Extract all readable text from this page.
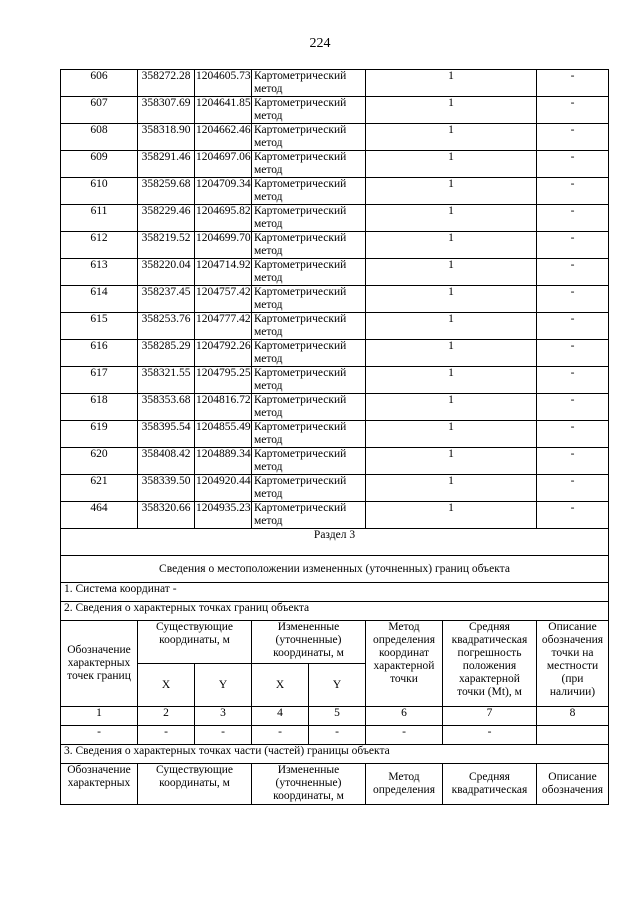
224
606	358272.28	1204605.73	Картометрический метод		1		-
607	358307.69	1204641.85	Картометрический метод		1		-
608	358318.90	1204662.46	Картометрический метод		1		-
609	358291.46	1204697.06	Картометрический метод		1		-
610	358259.68	1204709.34	Картометрический метод		1		-
611	358229.46	1204695.82	Картометрический метод		1		-
612	358219.52	1204699.70	Картометрический метод		1		-
613	358220.04	1204714.92	Картометрический метод		1		-
614	358237.45	1204757.42	Картометрический метод		1		-
615	358253.76	1204777.42	Картометрический метод		1		-
616	358285.29	1204792.26	Картометрический метод		1		-
617	358321.55	1204795.25	Картометрический метод		1		-
618	358353.68	1204816.72	Картометрический метод		1		-
619	358395.54	1204855.49	Картометрический метод		1		-
620	358408.42	1204889.34	Картометрический метод		1		-
621	358339.50	1204920.44	Картометрический метод		1		-
464	358320.66	1204935.23	Картометрический метод		1		-
Раздел 3							
Сведения о местоположении измененных (уточненных) границ объекта							
1. Система координат -							
2. Сведения о характерных точках границ объекта							
Обозначение характерных точек границ	Существующие координаты, м		Измененные (уточненные) координаты, м		Метод определения координат характерной точки	Средняя квадратическая погрешность положения характерной точки (Mt), м	Описание обозначения точки на местности (при наличии)
	X	Y	X	Y			
1	2	3	4	5	6	7	8
-	-	-	-	-	-	-	
3. Сведения о характерных точках части (частей) границы объекта							
Обозначение характерных	Существующие координаты, м		Измененные (уточненные) координаты, м		Метод определения	Средняя квадратическая	Описание обозначения
